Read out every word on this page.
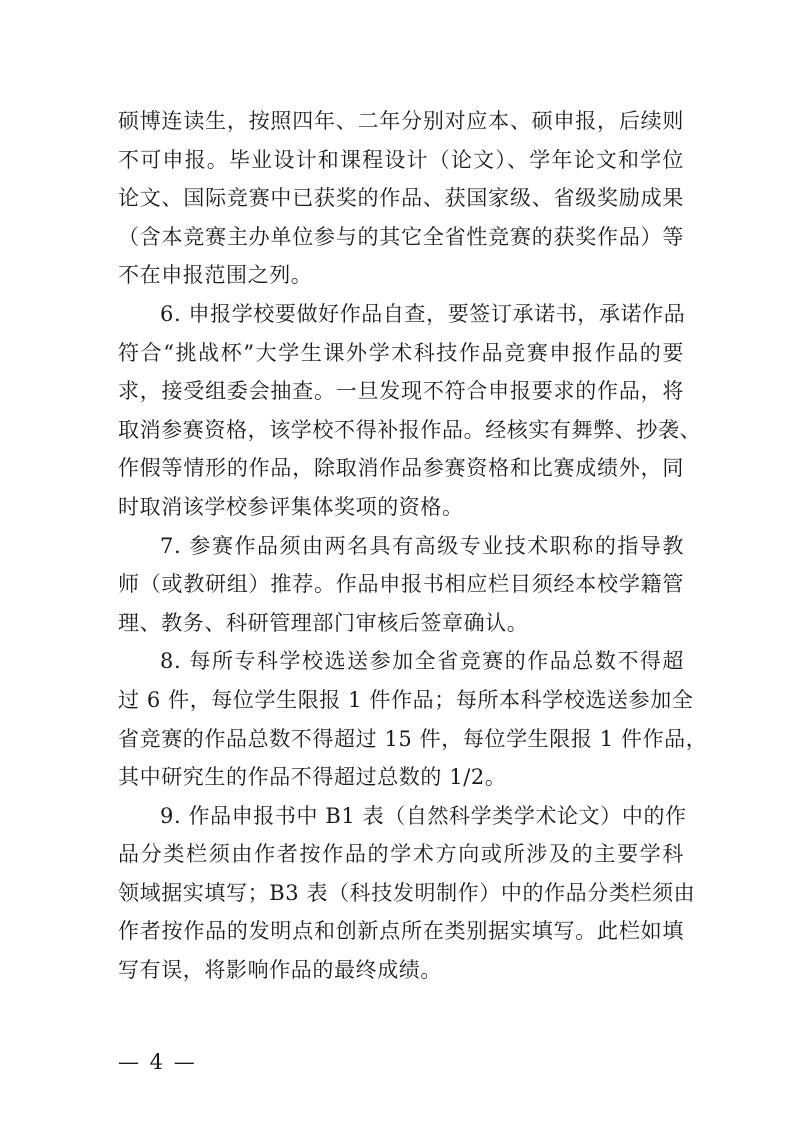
硕博连读生，按照四年、二年分别对应本、硕申报，后续则
不可申报。毕业设计和课程设计（论文）、学年论文和学位
论文、国际竞赛中已获奖的作品、获国家级、省级奖励成果
（含本竞赛主办单位参与的其它全省性竞赛的获奖作品）等
不在申报范围之列。
6. 申报学校要做好作品自查，要签订承诺书，承诺作品
符合“挑战杯”大学生课外学术科技作品竞赛申报作品的要
求，接受组委会抽查。一旦发现不符合申报要求的作品，将
取消参赛资格，该学校不得补报作品。经核实有舞弊、抄袭、
作假等情形的作品，除取消作品参赛资格和比赛成绩外，同
时取消该学校参评集体奖项的资格。
7. 参赛作品须由两名具有高级专业技术职称的指导教
师（或教研组）推荐。作品申报书相应栏目须经本校学籍管
理、教务、科研管理部门审核后签章确认。
8. 每所专科学校选送参加全省竞赛的作品总数不得超
过 6 件，每位学生限报 1 件作品；每所本科学校选送参加全
省竞赛的作品总数不得超过 15 件，每位学生限报 1 件作品，
其中研究生的作品不得超过总数的 1/2。
9. 作品申报书中 B1 表（自然科学类学术论文）中的作
品分类栏须由作者按作品的学术方向或所涉及的主要学科
领域据实填写；B3 表（科技发明制作）中的作品分类栏须由
作者按作品的发明点和创新点所在类别据实填写。此栏如填
写有误，将影响作品的最终成绩。
— 4 —
